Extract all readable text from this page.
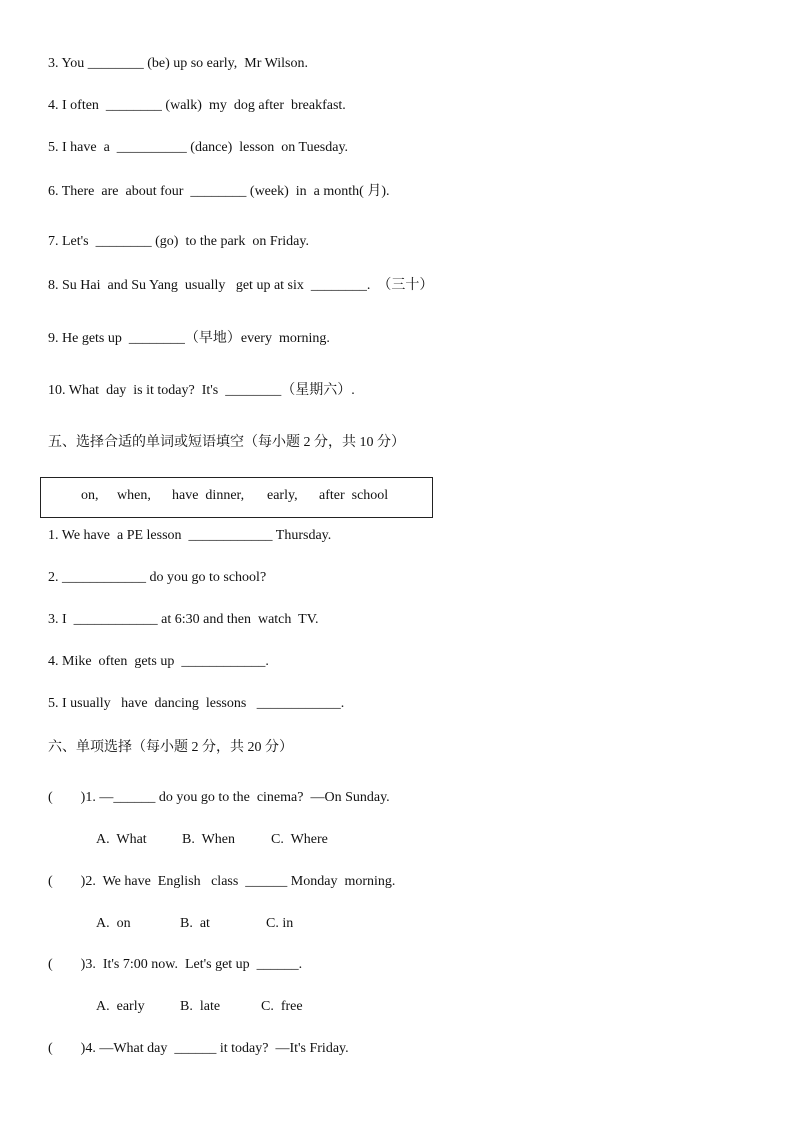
3. You ________ (be) up so early,  Mr Wilson.
4. I often  ________ (walk)  my  dog after  breakfast.
5. I have  a  __________ (dance)  lesson  on Tuesday.
6. There  are  about four  ________ (week)  in  a month( 月).
7. Let's  ________ (go)  to the park  on Friday.
8. Su Hai  and Su Yang  usually   get up at six  ________.  （三十）
9. He gets up  ________（早地）every  morning.
10. What  day  is it today?  It's  ________（星期六）.
五、选择合适的单词或短语填空（每小题 2 分，共 10 分）
on, when, have  dinner, early, after  school
1. We have  a PE lesson  ____________ Thursday.
2. ____________ do you go to school?
3. I  ____________ at 6:30 and then  watch  TV.
4. Mike  often  gets up  ____________.
5. I usually   have  dancing  lessons   ____________.
六、单项选择（每小题 2 分，共 20 分）
(        )1. —______ do you go to the  cinema?  —On Sunday.
A.  What	B.  When	C.  Where
(        )2.  We have  English   class  ______ Monday  morning.
A.  on	B.  at	C. in
(        )3.  It's 7:00 now.  Let's get up  ______.
A.  early	B.  late	C.  free
(        )4. —What day  ______ it today?  —It's Friday.
